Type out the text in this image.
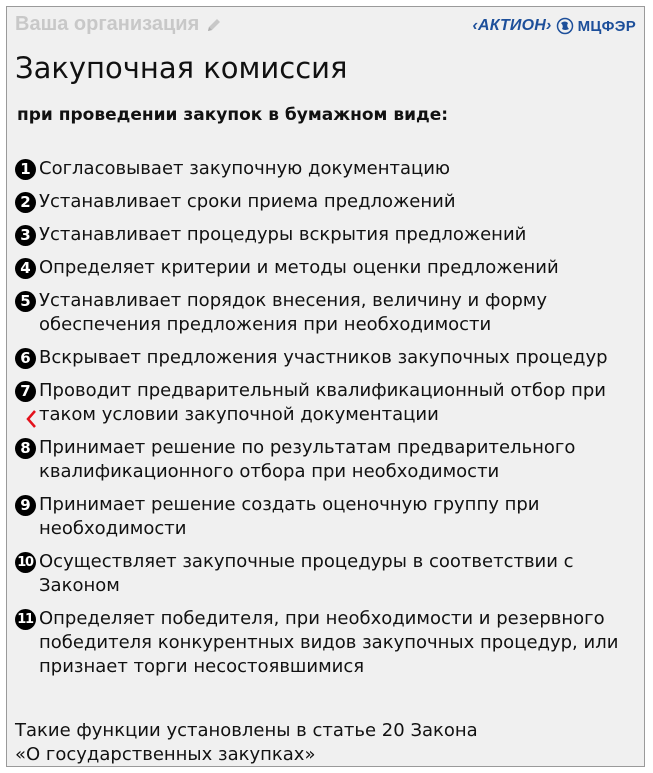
Ваша организация	‹АКТИОН› МЦФЭР
Закупочная комиссия
при проведении закупок в бумажном виде:
1 Согласовывает закупочную документацию
2 Устанавливает сроки приема предложений
3 Устанавливает процедуры вскрытия предложений
4 Определяет критерии и методы оценки предложений
5 Устанавливает порядок внесения, величину и форму обеспечения предложения при необходимости
6 Вскрывает предложения участников закупочных процедур
7 Проводит предварительный квалификационный отбор при таком условии закупочной документации
8 Принимает решение по результатам предварительного квалификационного отбора при необходимости
9 Принимает решение создать оценочную группу при необходимости
10 Осуществляет закупочные процедуры в соответствии с Законом
11 Определяет победителя, при необходимости и резервного победителя конкурентных видов закупочных процедур, или признает торги несостоявшимися
Такие функции установлены в статье 20 Закона
«О государственных закупках»
